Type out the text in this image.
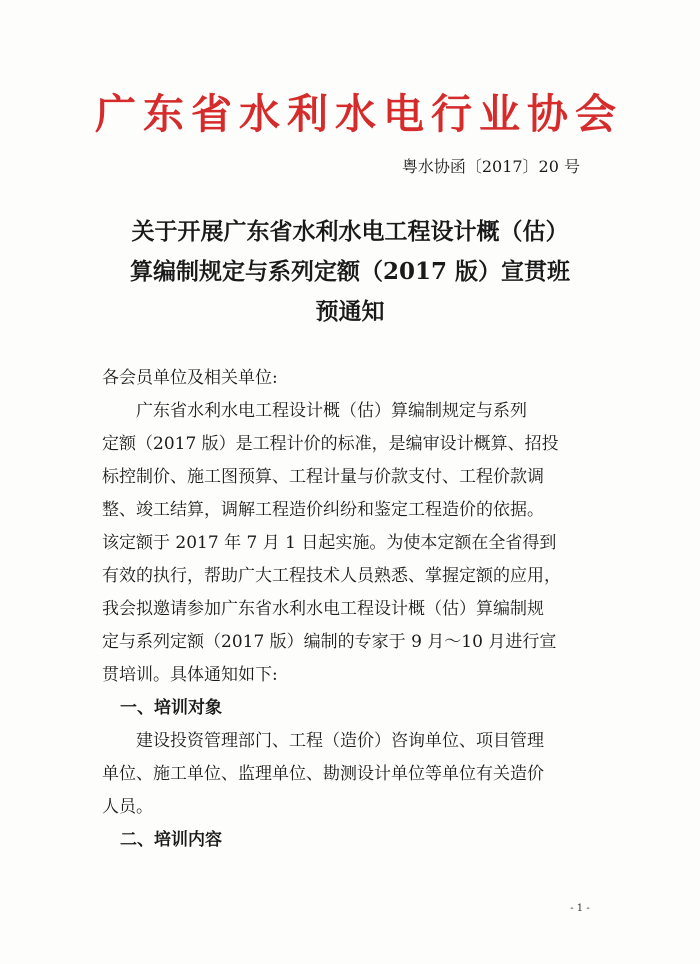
广东省水利水电行业协会
粤水协函〔2017〕20 号
关于开展广东省水利水电工程设计概（估）
算编制规定与系列定额（2017 版）宣贯班
预通知

各会员单位及相关单位:

广东省水利水电工程设计概（估）算编制规定与系列

定额（2017 版）是工程计价的标准，是编审设计概算、招投

标控制价、施工图预算、工程计量与价款支付、工程价款调

整、竣工结算，调解工程造价纠纷和鉴定工程造价的依据。

该定额于 2017 年 7 月 1 日起实施。为使本定额在全省得到

有效的执行，帮助广大工程技术人员熟悉、掌握定额的应用，

我会拟邀请参加广东省水利水电工程设计概（估）算编制规

定与系列定额（2017 版）编制的专家于 9 月～10 月进行宣

贯培训。具体通知如下:

一、培训对象

建设投资管理部门、工程（造价）咨询单位、项目管理

单位、施工单位、监理单位、勘测设计单位等单位有关造价

人员。

二、培训内容

- 1 -
